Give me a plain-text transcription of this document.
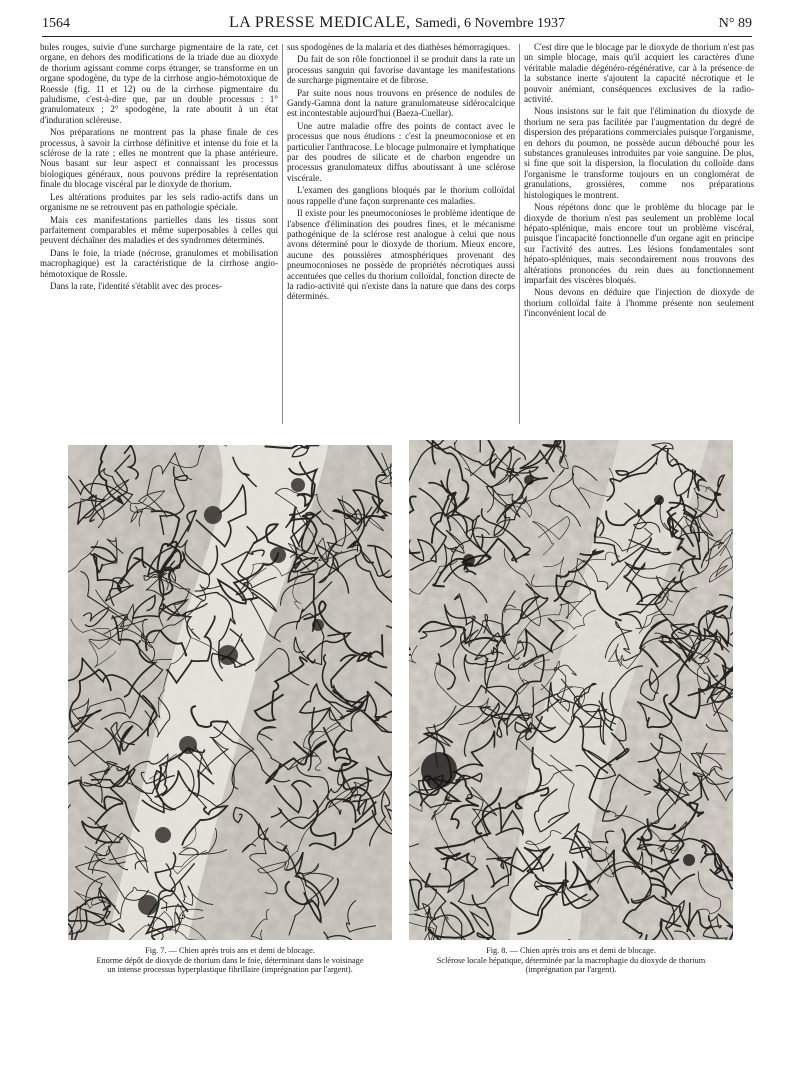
1564	LA PRESSE MEDICALE, Samedi, 6 Novembre 1937	N° 89

bules rouges, suivie d'une surcharge pigmentaire de la rate, cet organe, en dehors des modifications de la triade due au dioxyde de thorium agissant comme corps étranger, se transforme en un organe spodogène, du type de la cirrhose angio-hémotoxique de Roessle (fig. 11 et 12) ou de la cirrhose pigmentaire du paludisme, c'est-à-dire que, par un double processus : 1° granulomateux ; 2° spodogène, la rate aboutit à un état d'induration scléreuse.

Nos préparations ne montrent pas la phase finale de ces processus, à savoir la cirrhose définitive et intense du foie et la sclérose de la rate ; elles ne montrent que la phase antérieure. Nous basant sur leur aspect et connaissant les processus biologiques généraux, nous pouvons prédire la représentation finale du blocage viscéral par le dioxyde de thorium.

Les altérations produites par les sels radio-actifs dans un organisme ne se retrouvent pas en pathologie spéciale.

Mais ces manifestations partielles dans les tissus sont parfaitement comparables et même superposables à celles qui peuvent déchaîner des maladies et des syndromes déterminés.

Dans le foie, la triade (nécrose, granulomes et mobilisation macrophagique) est la caractéristique de la cirrhose angio-hémotoxique de Rossle.

Dans la rate, l'identité s'établit avec des proces-

sus spodogènes de la malaria et des diathèses hémorragiques.

Du fait de son rôle fonctionnel il se produit dans la rate un processus sanguin qui favorise davantage les manifestations de surcharge pigmentaire et de fibrose.

Par suite nous nous trouvons en présence de nodules de Gandy-Gamna dont la nature granulomateuse sidérocalcique est incontestable aujourd'hui (Baeza-Cuellar).

Une autre maladie offre des points de contact avec le processus que nous étudions : c'est la pneumoconiose et en particulier l'anthracose. Le blocage pulmonaire et lymphatique par des poudres de silicate et de charbon engendre un processus granulomateux diffus aboutissant à une sclérose viscérale.

L'examen des ganglions bloqués par le thorium colloïdal nous rappelle d'une façon surprenante ces maladies.

Il existe pour les pneumoconioses le problème identique de l'absence d'élimination des poudres fines, et le mécanisme pathogénique de la sclérose rest analogue à celui que nous avons déterminé pour le dioxyde de thorium. Mieux encore, aucune des poussières atmosphériques provenant des pneumoconioses ne possède de propriétés nécrotiques aussi accentuées que celles du thorium colloïdal, fonction directe de la radio-activité qui n'existe dans la nature que dans des corps déterminés.

C'est dire que le blocage par le dioxyde de thorium n'est pas un simple blocage, mais qu'il acquiert les caractères d'une véritable maladie dégénéro-régénérative, car à la présence de la substance inerte s'ajoutent la capacité nécrotique et le pouvoir anémiant, conséquences exclusives de la radio-activité.

Nous insistons sur le fait que l'élimination du dioxyde de thorium ne sera pas facilitée par l'augmentation du degré de dispersion des préparations commerciales puisque l'organisme, en dehors du poumon, ne possède aucun débouché pour les substances granuleuses introduites par voie sanguine. De plus, si fine que soit la dispersion, la floculation du colloïde dans l'organisme le transforme toujours en un conglomérat de granulations, grossières, comme nos préparations histologiques le montrent.

Nous répétons donc que le problème du blocage par le dioxyde de thorium n'est pas seulement un problème local hépato-splénique, mais encore tout un problème viscéral, puisque l'incapacité fonctionnelle d'un organe agit en principe sur l'activité des autres. Les lésions fondamentales sont hépato-spléniques, mais secondairement nous trouvons des altérations prononcées du rein dues au fonctionnement imparfait des viscères bloqués.

Nous devons en déduire que l'injection de dioxyde de thorium colloïdal faite à l'homme présente non seulement l'inconvénient local de

Fig. 7. — Chien après trois ans et demi de blocage.
Enorme dépôt de dioxyde de thorium dans le foie, déterminant dans le voisinage
un intense processus hyperplastique fibrillaire (imprégnation par l'argent).
Fig. 8. — Chien après trois ans et demi de blocage.
Sclérose locale hépatique, déterminée par la macrophagie du dioxyde de thorium
(imprégnation par l'argent).
